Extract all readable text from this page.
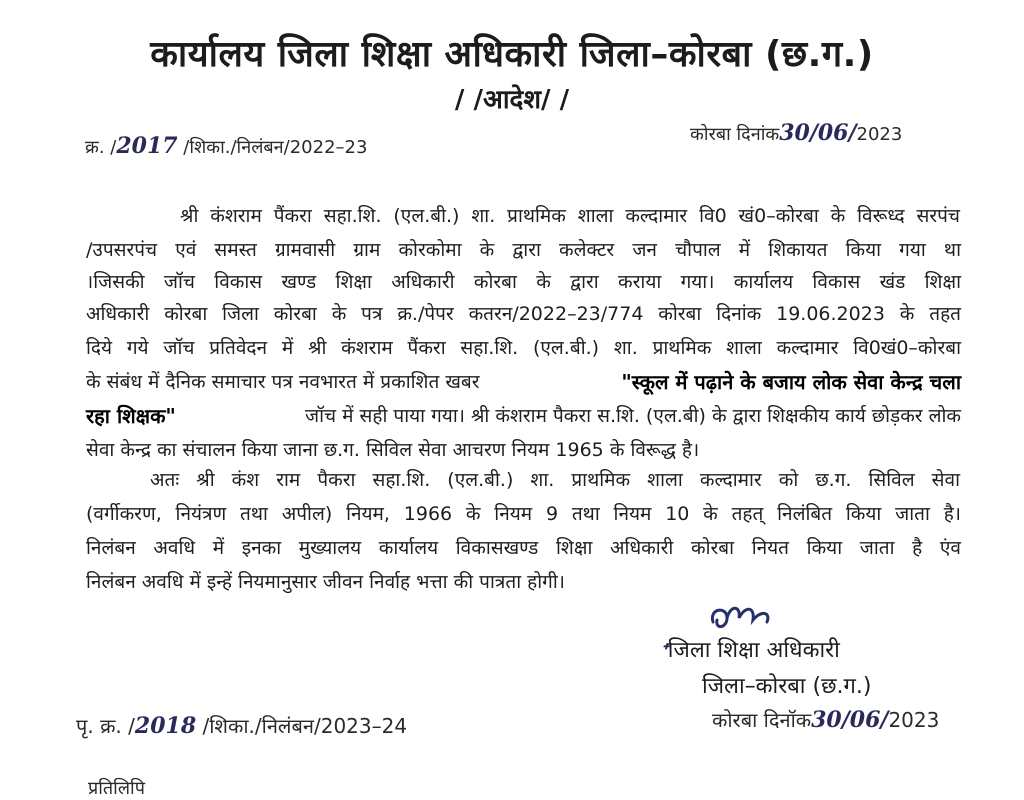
कार्यालय जिला शिक्षा अधिकारी जिला–कोरबा (छ.ग.)
/ /आदेश/ /
क्र. /2017 /शिका./निलंबन/2022–23
कोरबा दिनांक30/06/2023
श्री कंशराम पैंकरा सहा.शि. (एल.बी.) शा. प्राथमिक शाला कल्दामार वि0 खं0–कोरबा के विरूध्द सरपंच
/उपसरपंच एवं समस्त ग्रामवासी ग्राम कोरकोमा के द्वारा कलेक्टर जन चौपाल में शिकायत किया गया था
।जिसकी जॉच विकास खण्ड शिक्षा अधिकारी कोरबा के द्वारा कराया गया। कार्यालय विकास खंड शिक्षा
अधिकारी कोरबा जिला कोरबा के पत्र क्र./पेपर कतरन/2022–23/774 कोरबा दिनांक 19.06.2023 के तहत
दिये गये जॉच प्रतिवेदन में श्री कंशराम पैंकरा सहा.शि. (एल.बी.) शा. प्राथमिक शाला कल्दामार वि0खं0–कोरबा
के संबंध में दैनिक समाचार पत्र नवभारत में प्रकाशित खबर	"स्कूल में पढ़ाने के बजाय लोक सेवा केन्द्र चला
रहा शिक्षक"	जॉच में सही पाया गया। श्री कंशराम पैकरा स.शि. (एल.बी) के द्वारा शिक्षकीय कार्य छोड़कर लोक
सेवा केन्द्र का संचालन किया जाना छ.ग. सिविल सेवा आचरण नियम 1965 के विरूद्ध है।
अतः श्री कंश राम पैकरा सहा.शि. (एल.बी.) शा. प्राथमिक शाला कल्दामार को छ.ग. सिविल सेवा
(वर्गीकरण, नियंत्रण तथा अपील) नियम, 1966 के नियम 9 तथा नियम 10 के तहत् निलंबित किया जाता है।
निलंबन अवधि में इनका मुख्यालय कार्यालय विकासखण्ड शिक्षा अधिकारी कोरबा नियत किया जाता है एंव
निलंबन अवधि में इन्हें नियमानुसार जीवन निर्वाह भत्ता की पात्रता होगी।
ᐩजिला शिक्षा अधिकारी
जिला–कोरबा (छ.ग.)
कोरबा दिनॉक30/06/2023
पृ. क्र. /2018 /शिका./निलंबन/2023–24
प्रतिलिपि
